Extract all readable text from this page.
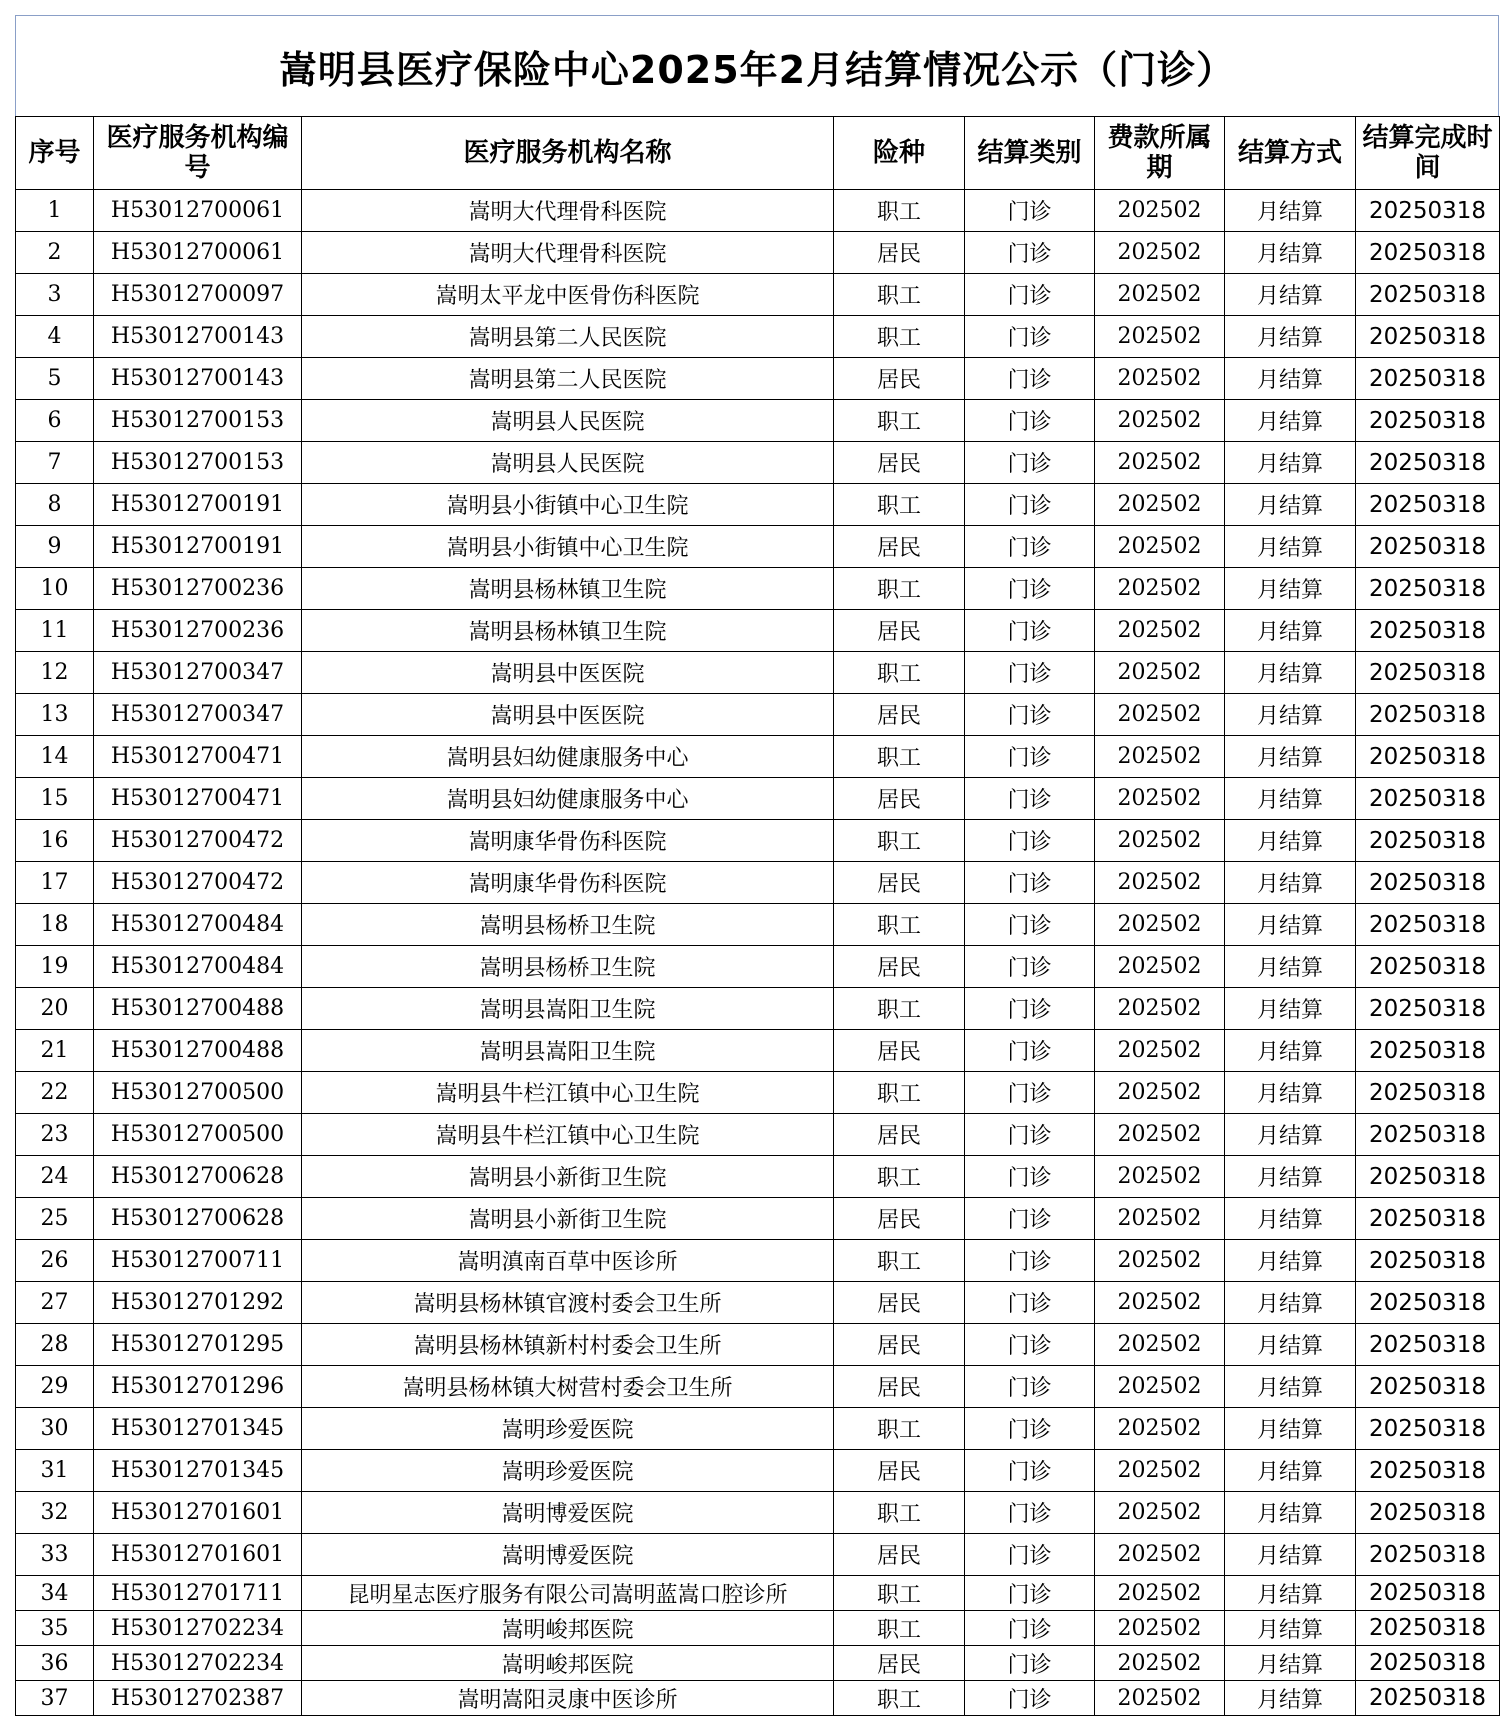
嵩明县医疗保险中心2025年2月结算情况公示（门诊）
序号	医疗服务机构编号	医疗服务机构名称	险种	结算类别	费款所属期	结算方式	结算完成时间
1	H53012700061	嵩明大代理骨科医院	职工	门诊	202502	月结算	20250318
2	H53012700061	嵩明大代理骨科医院	居民	门诊	202502	月结算	20250318
3	H53012700097	嵩明太平龙中医骨伤科医院	职工	门诊	202502	月结算	20250318
4	H53012700143	嵩明县第二人民医院	职工	门诊	202502	月结算	20250318
5	H53012700143	嵩明县第二人民医院	居民	门诊	202502	月结算	20250318
6	H53012700153	嵩明县人民医院	职工	门诊	202502	月结算	20250318
7	H53012700153	嵩明县人民医院	居民	门诊	202502	月结算	20250318
8	H53012700191	嵩明县小街镇中心卫生院	职工	门诊	202502	月结算	20250318
9	H53012700191	嵩明县小街镇中心卫生院	居民	门诊	202502	月结算	20250318
10	H53012700236	嵩明县杨林镇卫生院	职工	门诊	202502	月结算	20250318
11	H53012700236	嵩明县杨林镇卫生院	居民	门诊	202502	月结算	20250318
12	H53012700347	嵩明县中医医院	职工	门诊	202502	月结算	20250318
13	H53012700347	嵩明县中医医院	居民	门诊	202502	月结算	20250318
14	H53012700471	嵩明县妇幼健康服务中心	职工	门诊	202502	月结算	20250318
15	H53012700471	嵩明县妇幼健康服务中心	居民	门诊	202502	月结算	20250318
16	H53012700472	嵩明康华骨伤科医院	职工	门诊	202502	月结算	20250318
17	H53012700472	嵩明康华骨伤科医院	居民	门诊	202502	月结算	20250318
18	H53012700484	嵩明县杨桥卫生院	职工	门诊	202502	月结算	20250318
19	H53012700484	嵩明县杨桥卫生院	居民	门诊	202502	月结算	20250318
20	H53012700488	嵩明县嵩阳卫生院	职工	门诊	202502	月结算	20250318
21	H53012700488	嵩明县嵩阳卫生院	居民	门诊	202502	月结算	20250318
22	H53012700500	嵩明县牛栏江镇中心卫生院	职工	门诊	202502	月结算	20250318
23	H53012700500	嵩明县牛栏江镇中心卫生院	居民	门诊	202502	月结算	20250318
24	H53012700628	嵩明县小新街卫生院	职工	门诊	202502	月结算	20250318
25	H53012700628	嵩明县小新街卫生院	居民	门诊	202502	月结算	20250318
26	H53012700711	嵩明滇南百草中医诊所	职工	门诊	202502	月结算	20250318
27	H53012701292	嵩明县杨林镇官渡村委会卫生所	居民	门诊	202502	月结算	20250318
28	H53012701295	嵩明县杨林镇新村村委会卫生所	居民	门诊	202502	月结算	20250318
29	H53012701296	嵩明县杨林镇大树营村委会卫生所	居民	门诊	202502	月结算	20250318
30	H53012701345	嵩明珍爱医院	职工	门诊	202502	月结算	20250318
31	H53012701345	嵩明珍爱医院	居民	门诊	202502	月结算	20250318
32	H53012701601	嵩明博爱医院	职工	门诊	202502	月结算	20250318
33	H53012701601	嵩明博爱医院	居民	门诊	202502	月结算	20250318
34	H53012701711	昆明星志医疗服务有限公司嵩明蓝嵩口腔诊所	职工	门诊	202502	月结算	20250318
35	H53012702234	嵩明峻邦医院	职工	门诊	202502	月结算	20250318
36	H53012702234	嵩明峻邦医院	居民	门诊	202502	月结算	20250318
37	H53012702387	嵩明嵩阳灵康中医诊所	职工	门诊	202502	月结算	20250318
